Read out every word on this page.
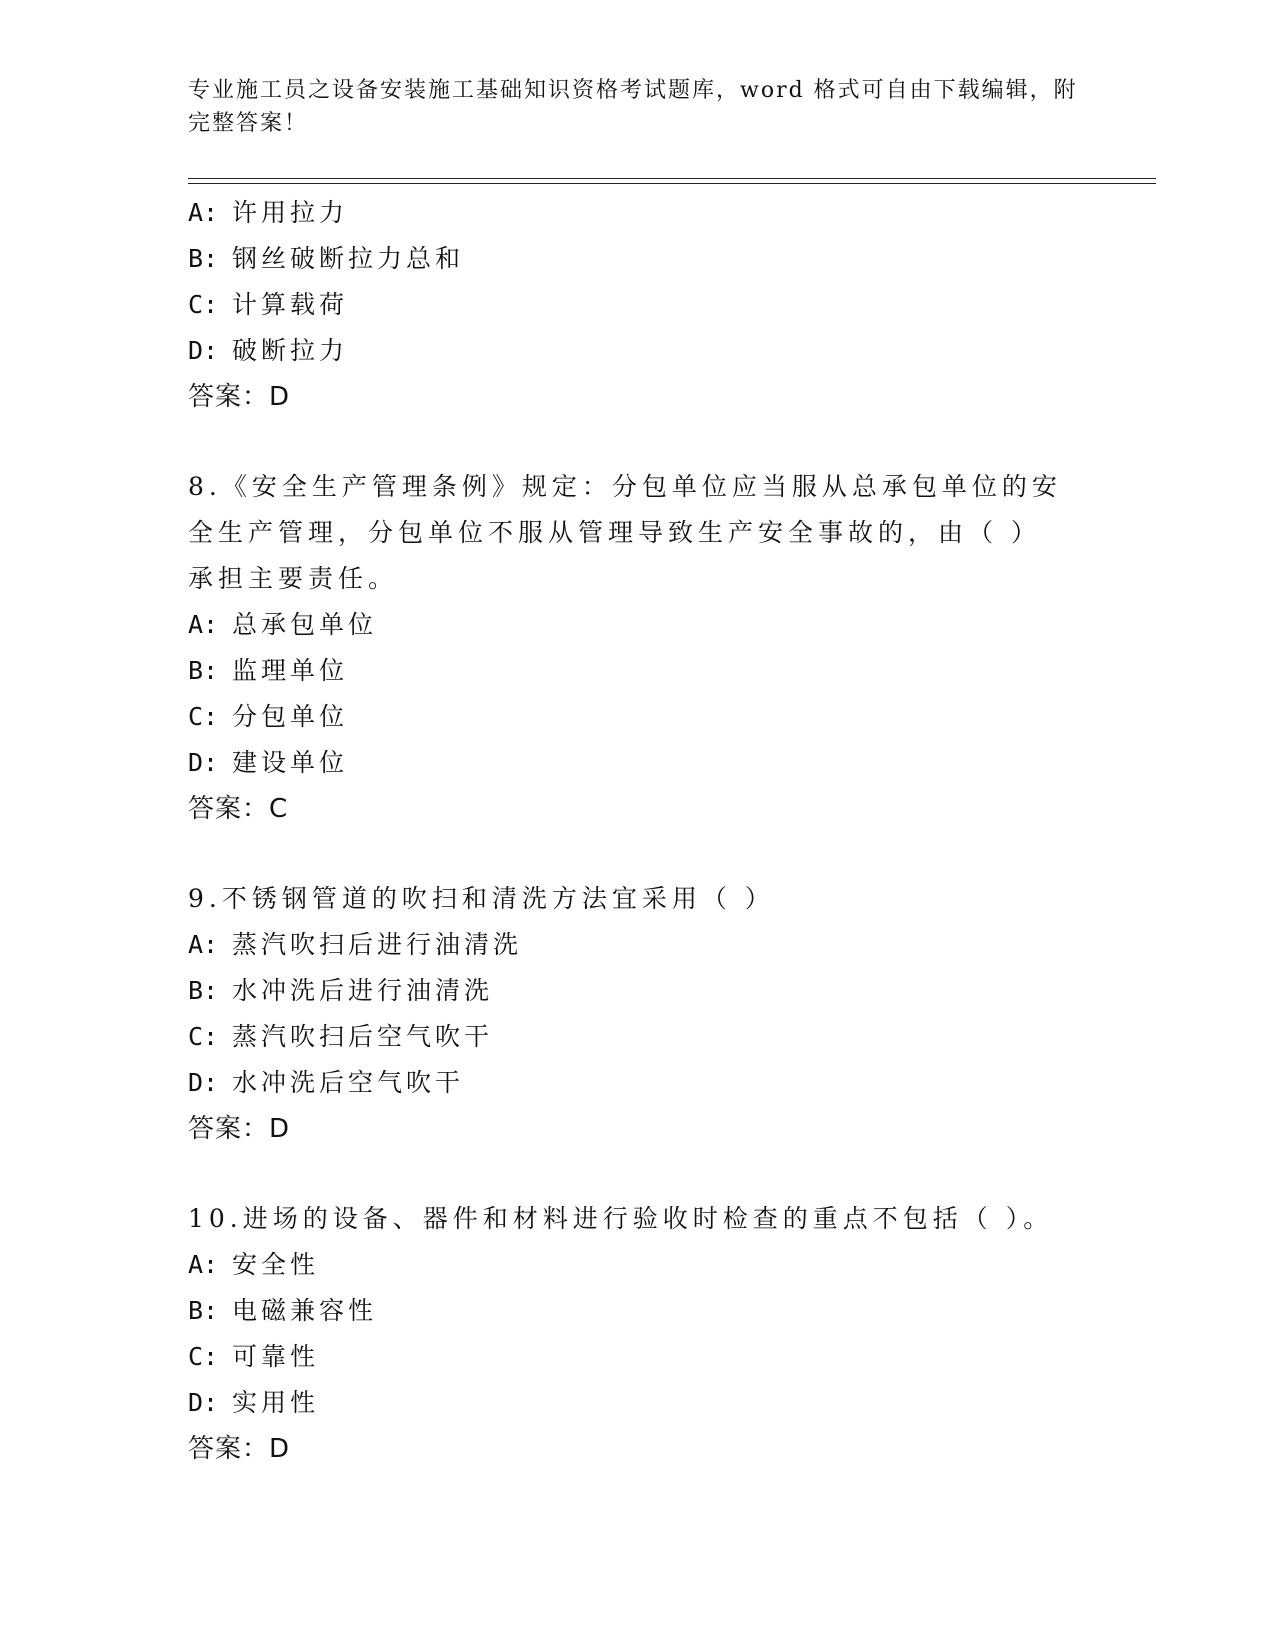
专业施工员之设备安装施工基础知识资格考试题库，word 格式可自由下载编辑，附完整答案！
A: 许用拉力
B: 钢丝破断拉力总和
C: 计算载荷
D: 破断拉力
答案：D
8.《安全生产管理条例》规定：分包单位应当服从总承包单位的安全生产管理，分包单位不服从管理导致生产安全事故的，由（ ）承担主要责任。
A: 总承包单位
B: 监理单位
C: 分包单位
D: 建设单位
答案：C
9.不锈钢管道的吹扫和清洗方法宜采用（ ）
A: 蒸汽吹扫后进行油清洗
B: 水冲洗后进行油清洗
C: 蒸汽吹扫后空气吹干
D: 水冲洗后空气吹干
答案：D
10.进场的设备、器件和材料进行验收时检查的重点不包括（ ）。
A: 安全性
B: 电磁兼容性
C: 可靠性
D: 实用性
答案：D
